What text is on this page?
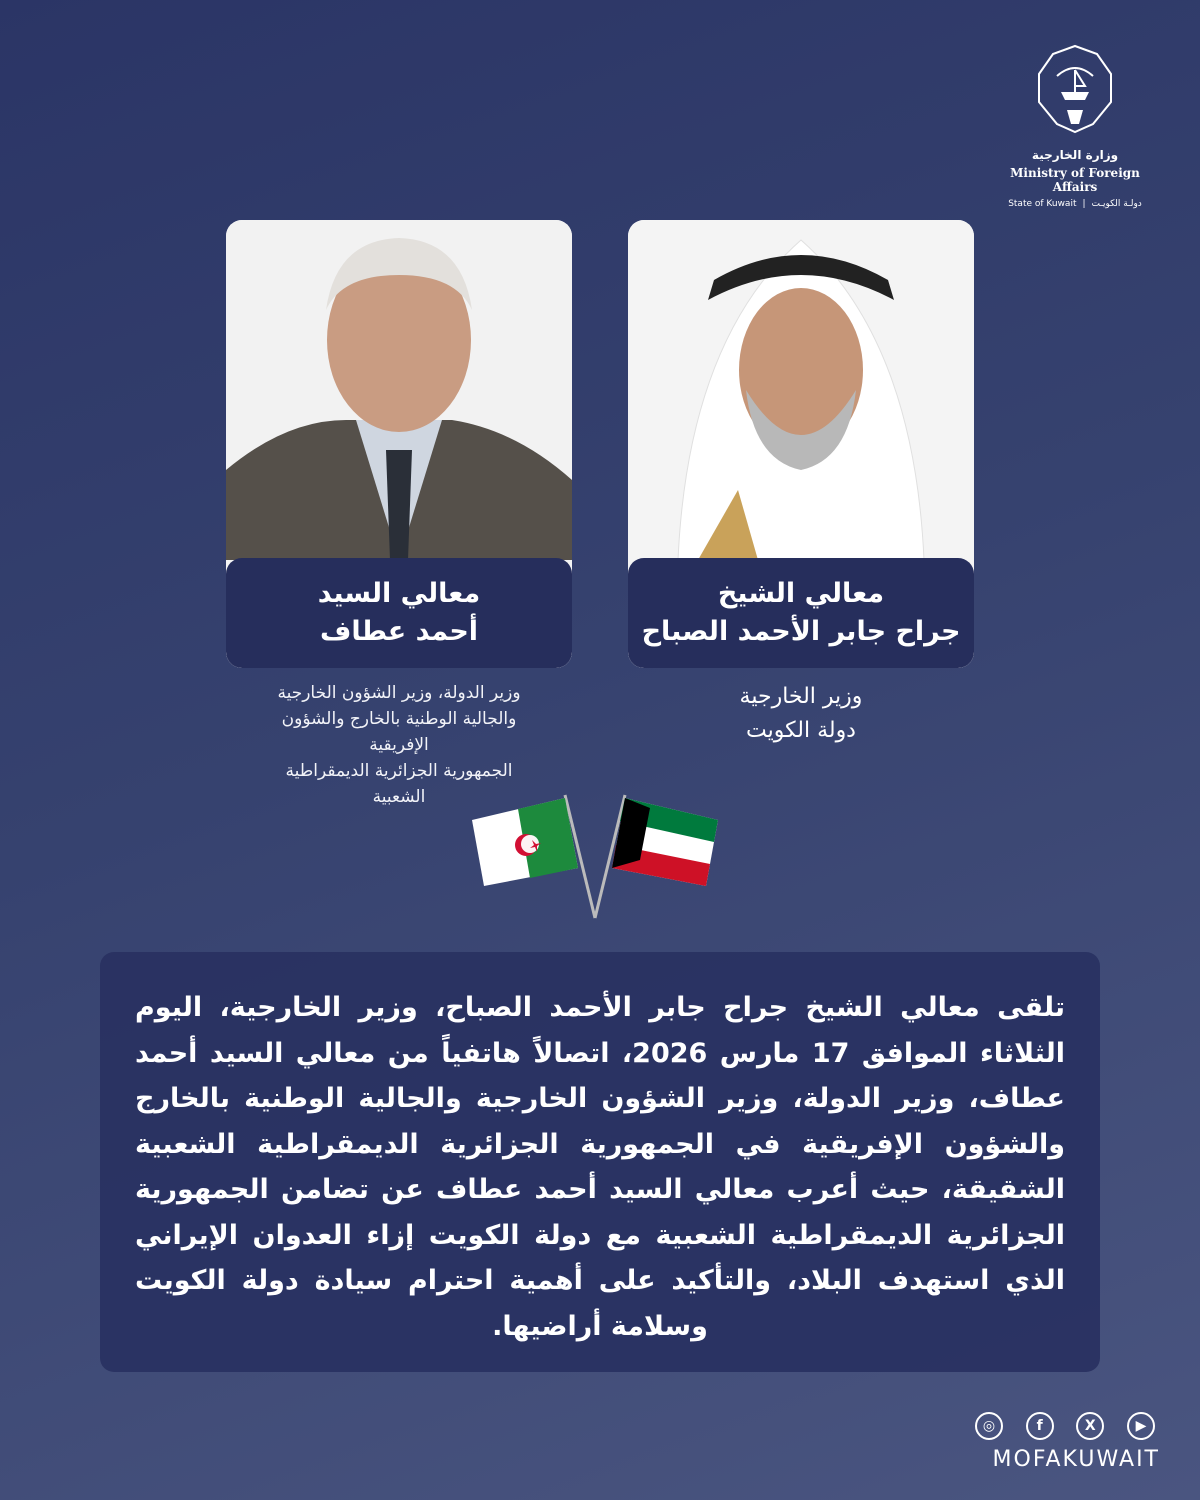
وزارة الخارجية
Ministry of Foreign Affairs
State of Kuwait | دولـة الكويـت
معالي السيد
أحمد عطاف
معالي الشيخ
جراح جابر الأحمد الصباح
وزير الدولة، وزير الشؤون الخارجية
والجالية الوطنية بالخارج والشؤون
الإفريقية
الجمهورية الجزائرية الديمقراطية
الشعبية
وزير الخارجية
دولة الكويت
تلقى معالي الشيخ جراح جابر الأحمد الصباح، وزير الخارجية، اليوم الثلاثاء الموافق 17 مارس 2026، اتصالاً هاتفياً من معالي السيد أحمد عطاف، وزير الدولة، وزير الشؤون الخارجية والجالية الوطنية بالخارج والشؤون الإفريقية في الجمهورية الجزائرية الديمقراطية الشعبية الشقيقة، حيث أعرب معالي السيد أحمد عطاف عن تضامن الجمهورية الجزائرية الديمقراطية الشعبية مع دولة الكويت إزاء العدوان الإيراني الذي استهدف البلاد، والتأكيد على أهمية احترام سيادة دولة الكويت وسلامة أراضيها.
◎	f	X	▶
MOFAKUWAIT
